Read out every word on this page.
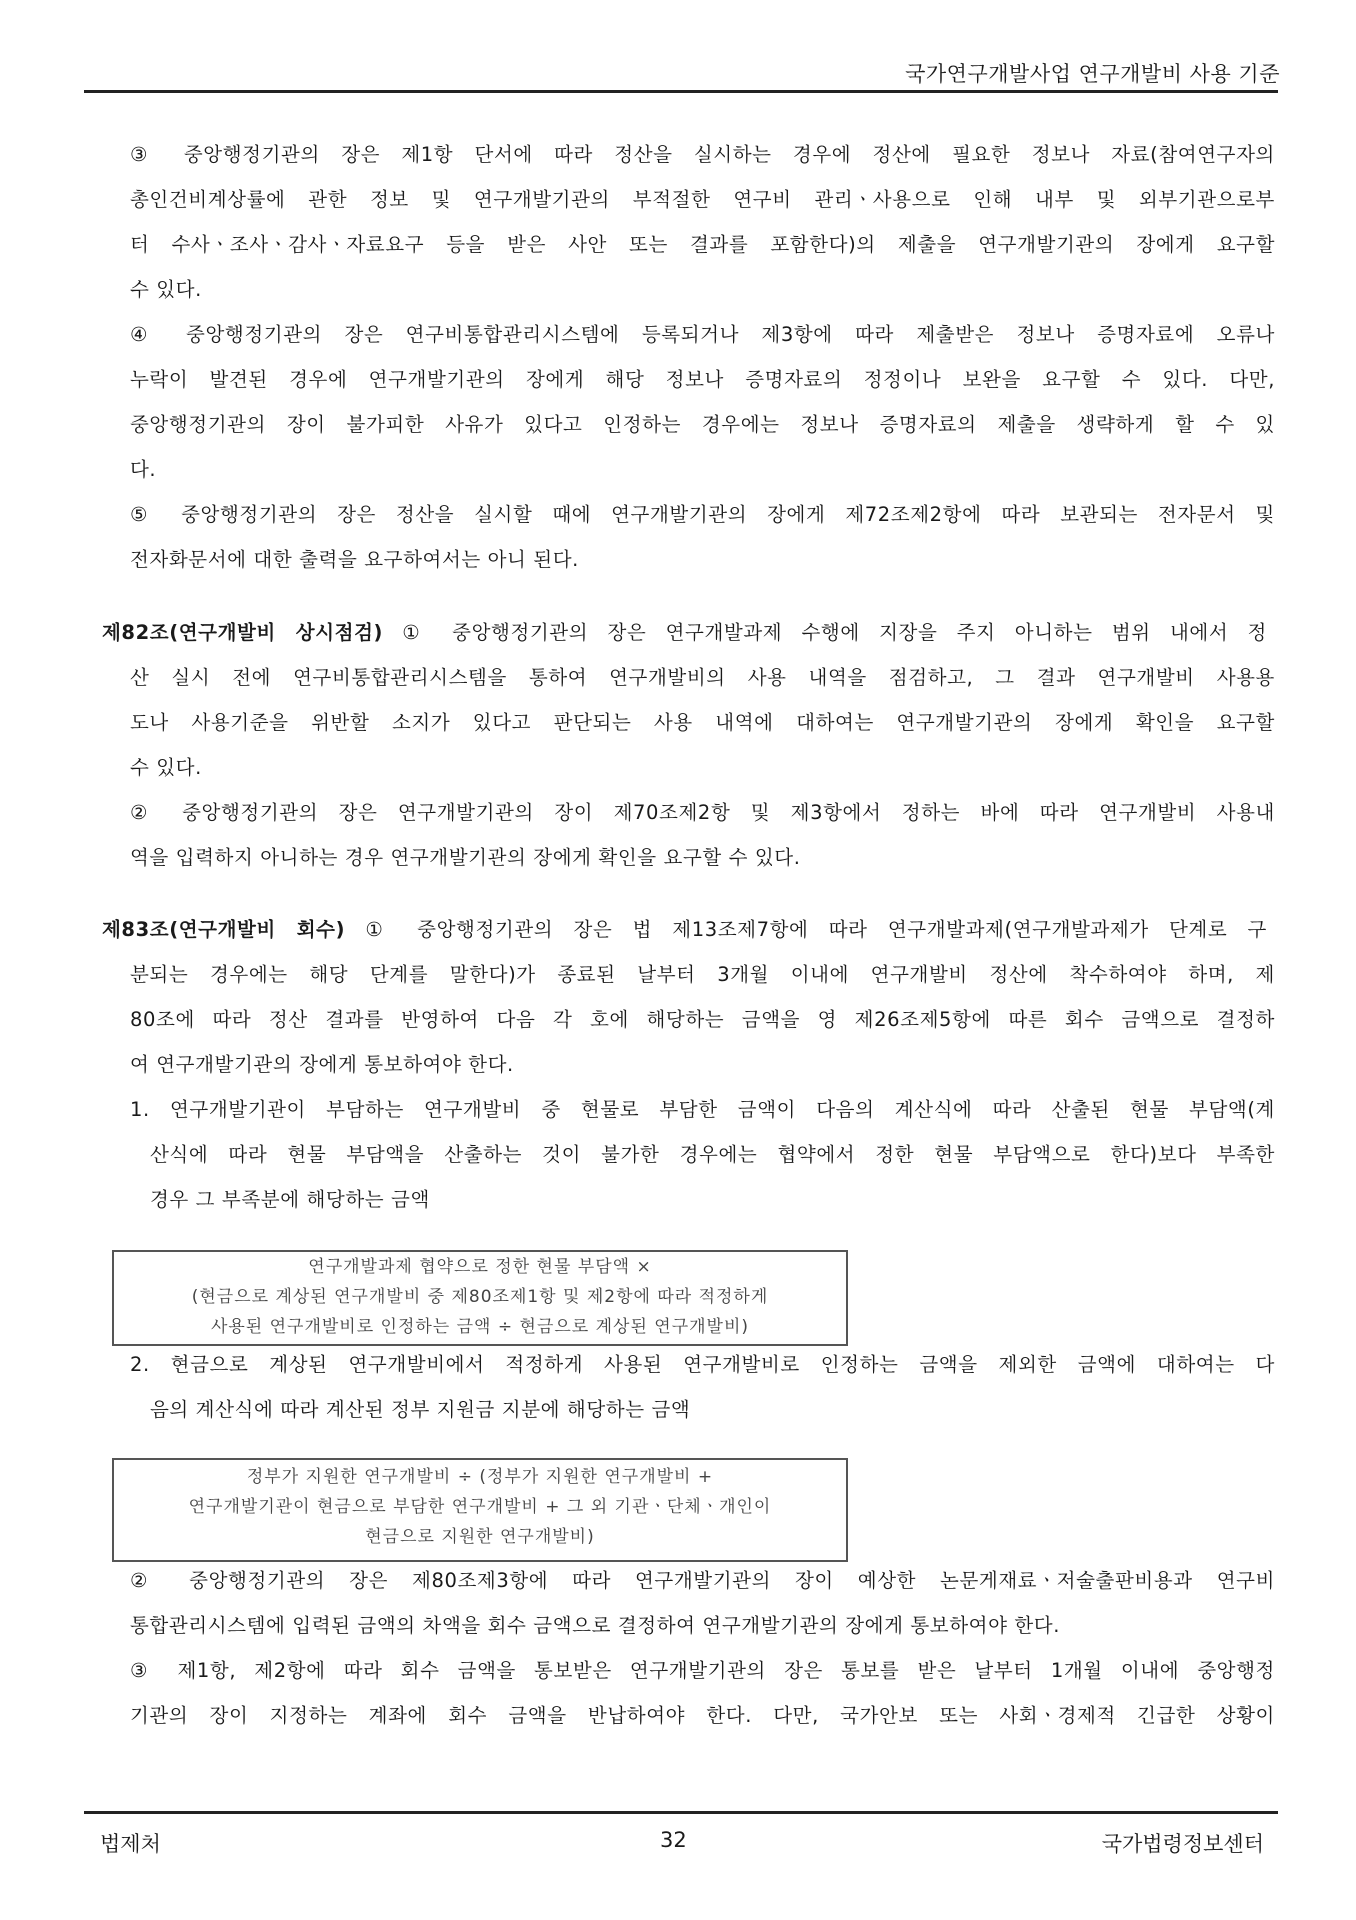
국가연구개발사업 연구개발비 사용 기준
③ 중앙행정기관의 장은 제1항 단서에 따라 정산을 실시하는 경우에 정산에 필요한 정보나 자료(참여연구자의
총인건비계상률에 관한 정보 및 연구개발기관의 부적절한 연구비 관리ㆍ사용으로 인해 내부 및 외부기관으로부
터 수사ㆍ조사ㆍ감사ㆍ자료요구 등을 받은 사안 또는 결과를 포함한다)의 제출을 연구개발기관의 장에게 요구할
수 있다.
④ 중앙행정기관의 장은 연구비통합관리시스템에 등록되거나 제3항에 따라 제출받은 정보나 증명자료에 오류나
누락이 발견된 경우에 연구개발기관의 장에게 해당 정보나 증명자료의 정정이나 보완을 요구할 수 있다. 다만,
중앙행정기관의 장이 불가피한 사유가 있다고 인정하는 경우에는 정보나 증명자료의 제출을 생략하게 할 수 있
다.
⑤ 중앙행정기관의 장은 정산을 실시할 때에 연구개발기관의 장에게 제72조제2항에 따라 보관되는 전자문서 및
전자화문서에 대한 출력을 요구하여서는 아니 된다.
제82조(연구개발비 상시점검) ① 중앙행정기관의 장은 연구개발과제 수행에 지장을 주지 아니하는 범위 내에서 정
산 실시 전에 연구비통합관리시스템을 통하여 연구개발비의 사용 내역을 점검하고, 그 결과 연구개발비 사용용
도나 사용기준을 위반할 소지가 있다고 판단되는 사용 내역에 대하여는 연구개발기관의 장에게 확인을 요구할
수 있다.
② 중앙행정기관의 장은 연구개발기관의 장이 제70조제2항 및 제3항에서 정하는 바에 따라 연구개발비 사용내
역을 입력하지 아니하는 경우 연구개발기관의 장에게 확인을 요구할 수 있다.
제83조(연구개발비 회수) ① 중앙행정기관의 장은 법 제13조제7항에 따라 연구개발과제(연구개발과제가 단계로 구
분되는 경우에는 해당 단계를 말한다)가 종료된 날부터 3개월 이내에 연구개발비 정산에 착수하여야 하며, 제
80조에 따라 정산 결과를 반영하여 다음 각 호에 해당하는 금액을 영 제26조제5항에 따른 회수 금액으로 결정하
여 연구개발기관의 장에게 통보하여야 한다.
1. 연구개발기관이 부담하는 연구개발비 중 현물로 부담한 금액이 다음의 계산식에 따라 산출된 현물 부담액(계
산식에 따라 현물 부담액을 산출하는 것이 불가한 경우에는 협약에서 정한 현물 부담액으로 한다)보다 부족한
경우 그 부족분에 해당하는 금액
연구개발과제 협약으로 정한 현물 부담액 ×
(현금으로 계상된 연구개발비 중 제80조제1항 및 제2항에 따라 적정하게
사용된 연구개발비로 인정하는 금액 ÷ 현금으로 계상된 연구개발비)
2. 현금으로 계상된 연구개발비에서 적정하게 사용된 연구개발비로 인정하는 금액을 제외한 금액에 대하여는 다
음의 계산식에 따라 계산된 정부 지원금 지분에 해당하는 금액
정부가 지원한 연구개발비 ÷ (정부가 지원한 연구개발비 +
연구개발기관이 현금으로 부담한 연구개발비 + 그 외 기관ㆍ단체ㆍ개인이
현금으로 지원한 연구개발비)
② 중앙행정기관의 장은 제80조제3항에 따라 연구개발기관의 장이 예상한 논문게재료ㆍ저술출판비용과 연구비
통합관리시스템에 입력된 금액의 차액을 회수 금액으로 결정하여 연구개발기관의 장에게 통보하여야 한다.
③ 제1항, 제2항에 따라 회수 금액을 통보받은 연구개발기관의 장은 통보를 받은 날부터 1개월 이내에 중앙행정
기관의 장이 지정하는 계좌에 회수 금액을 반납하여야 한다. 다만, 국가안보 또는 사회ㆍ경제적 긴급한 상황이
법제처	32	국가법령정보센터
